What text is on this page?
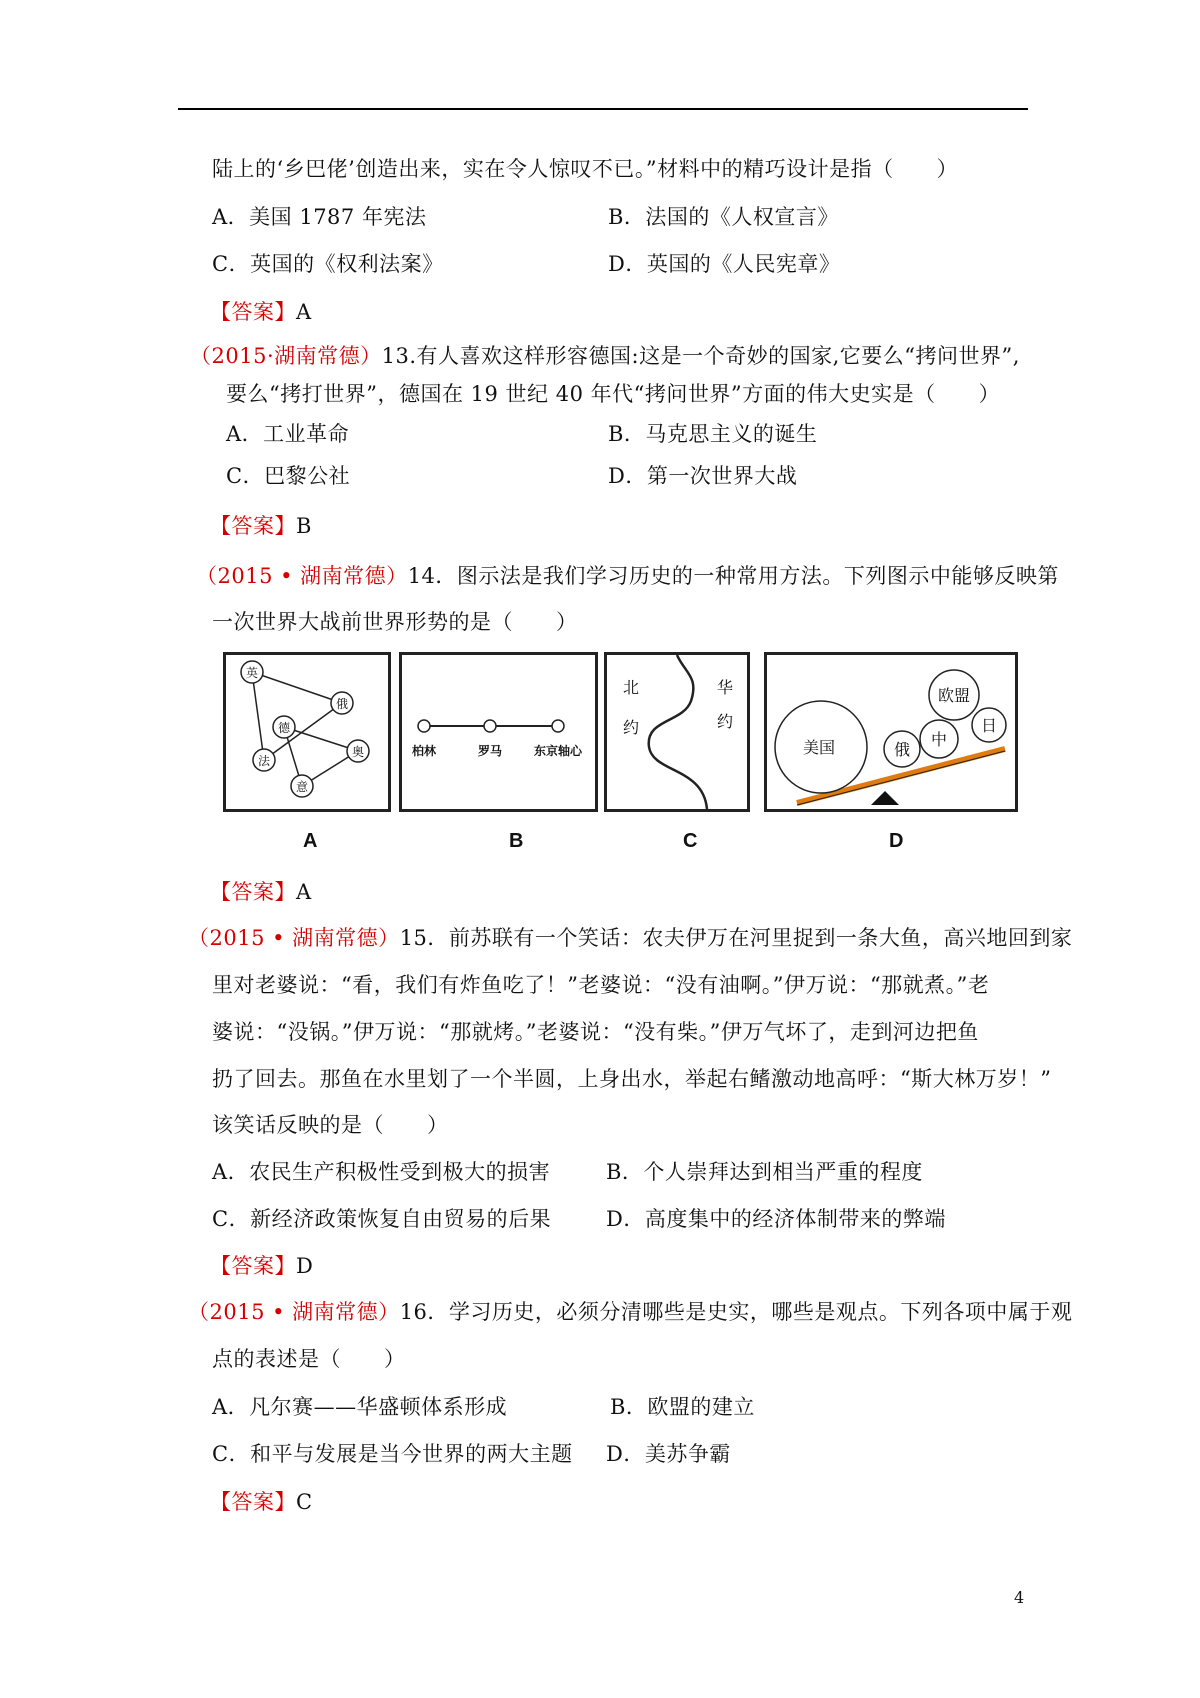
陆上的‘乡巴佬’创造出来，实在令人惊叹不已。”材料中的精巧设计是指（　　）
A．美国 1787 年宪法	B．法国的《人权宣言》
C．英国的《权利法案》	D．英国的《人民宪章》
【答案】A
（2015·湖南常德）13.有人喜欢这样形容德国:这是一个奇妙的国家,它要么“拷问世界”,
要么“拷打世界”，德国在 19 世纪 40 年代“拷问世界”方面的伟大史实是（　　）
A．工业革命	B．马克思主义的诞生
C．巴黎公社	D．第一次世界大战
【答案】B
（2015 • 湖南常德）14．图示法是我们学习历史的一种常用方法。下列图示中能够反映第
一次世界大战前世界形势的是（　　）
英
俄
德
法
奥
意
柏林	罗马	东京轴心
北
约
华
约
美国	俄
中
欧盟
日
A	B	C	D
【答案】A
（2015 • 湖南常德）15．前苏联有一个笑话：农夫伊万在河里捉到一条大鱼，高兴地回到家
里对老婆说：“看，我们有炸鱼吃了！”老婆说：“没有油啊。”伊万说：“那就煮。”老
婆说：“没锅。”伊万说：“那就烤。”老婆说：“没有柴。”伊万气坏了，走到河边把鱼
扔了回去。那鱼在水里划了一个半圆，上身出水，举起右鳍激动地高呼：“斯大林万岁！”
该笑话反映的是（　　）
A．农民生产积极性受到极大的损害	B．个人崇拜达到相当严重的程度
C．新经济政策恢复自由贸易的后果	D．高度集中的经济体制带来的弊端
【答案】D
（2015 • 湖南常德）16．学习历史，必须分清哪些是史实，哪些是观点。下列各项中属于观
点的表述是（　　）
A．凡尔赛——华盛顿体系形成	B．欧盟的建立
C．和平与发展是当今世界的两大主题 D．美苏争霸
【答案】C
4
